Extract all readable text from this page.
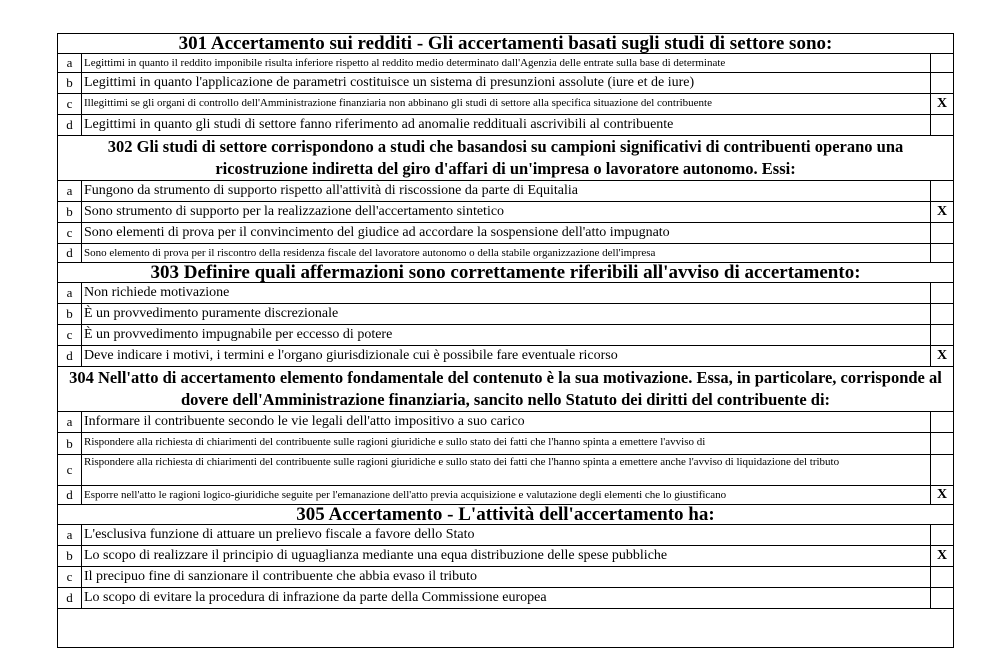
301 Accertamento sui redditi - Gli accertamenti basati sugli studi di settore sono:		
a	Legittimi in quanto il reddito imponibile risulta inferiore rispetto al reddito medio determinato dall'Agenzia delle entrate sulla base di determinate	
b	Legittimi in quanto l'applicazione de parametri costituisce un sistema di presunzioni assolute (iure et de iure)	
c	Illegittimi se gli organi di controllo dell'Amministrazione finanziaria non abbinano gli studi di settore alla specifica situazione del contribuente	X
d	Legittimi in quanto gli studi di settore fanno riferimento ad anomalie reddituali ascrivibili al contribuente	
302 Gli studi di settore corrispondono a studi che basandosi su campioni significativi di contribuenti operano una ricostruzione indiretta del giro d'affari di un'impresa o lavoratore autonomo. Essi:		
a	Fungono da strumento di supporto rispetto all'attività di riscossione da parte di Equitalia	
b	Sono strumento di supporto per la realizzazione dell'accertamento sintetico	X
c	Sono elementi di prova per il convincimento del giudice ad accordare la sospensione dell'atto impugnato	
d	Sono elemento di prova per il riscontro della residenza fiscale del lavoratore autonomo o della stabile organizzazione dell'impresa	
303 Definire quali affermazioni sono correttamente riferibili all'avviso di accertamento:		
a	Non richiede motivazione	
b	È un provvedimento puramente discrezionale	
c	È un provvedimento impugnabile per eccesso di potere	
d	Deve indicare i motivi, i termini e l'organo giurisdizionale cui è possibile fare eventuale ricorso	X
304 Nell'atto di accertamento elemento fondamentale del contenuto è la sua motivazione. Essa, in particolare, corrisponde al dovere dell'Amministrazione finanziaria, sancito nello Statuto dei diritti del contribuente di:		
a	Informare il contribuente secondo le vie legali dell'atto impositivo a suo carico	
b	Rispondere alla richiesta di chiarimenti del contribuente sulle ragioni giuridiche e sullo stato dei fatti che l'hanno spinta a emettere l'avviso di	
c	Rispondere alla richiesta di chiarimenti del contribuente sulle ragioni giuridiche e sullo stato dei fatti che l'hanno spinta a emettere anche l'avviso di liquidazione del tributo	
d	Esporre nell'atto le ragioni logico-giuridiche seguite per l'emanazione dell'atto previa acquisizione e valutazione degli elementi che lo giustificano	X
305 Accertamento - L'attività dell'accertamento ha:		
a	L'esclusiva funzione di attuare un prelievo fiscale a favore dello Stato	
b	Lo scopo di realizzare il principio di uguaglianza mediante una equa distribuzione delle spese pubbliche	X
c	Il precipuo fine di sanzionare il contribuente che abbia evaso il tributo	
d	Lo scopo di evitare la procedura di infrazione da parte della Commissione europea	
